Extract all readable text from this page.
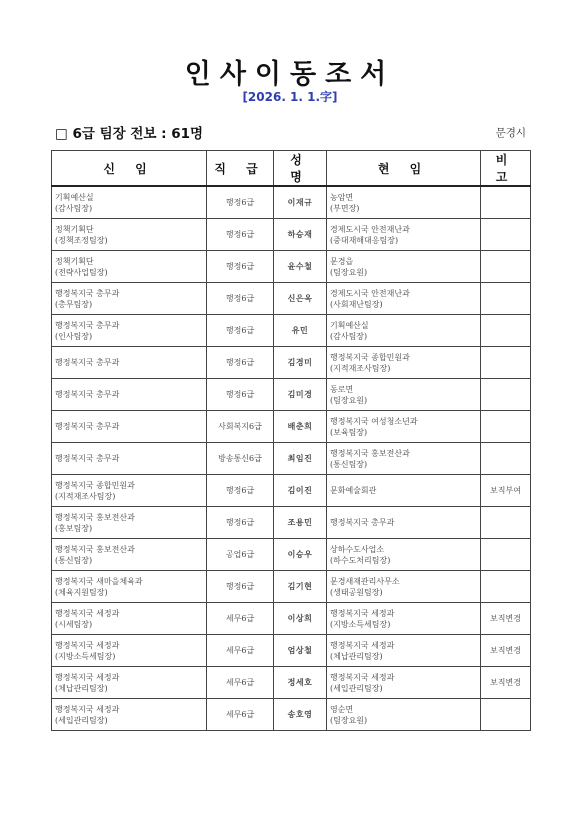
인사이동조서
[2026. 1. 1.字]
□ 6급 팀장 전보 : 61명	문경시
신 임	직 급	성 명	현 임	비 고

기획예산실
(감사팀장)	행정6급	이재규	농암면
(부면장)	

정책기획단
(정책조정팀장)	행정6급	하승재	경제도시국 안전재난과
(중대재해대응팀장)	

정책기획단
(전략사업팀장)	행정6급	윤수철	문경읍
(팀장요원)	

행정복지국 총무과
(총무팀장)	행정6급	신은옥	경제도시국 안전재난과
(사회재난팀장)	

행정복지국 총무과
(인사팀장)	행정6급	유민	기획예산실
(감사팀장)	

행정복지국 총무과	행정6급	김경미	행정복지국 종합민원과
(지적재조사팀장)	

행정복지국 총무과	행정6급	김미경	동로면
(팀장요원)	

행정복지국 총무과	사회복지6급	배춘희	행정복지국 여성청소년과
(보육팀장)	

행정복지국 총무과	방송통신6급	최임진	행정복지국 홍보전산과
(통신팀장)	

행정복지국 종합민원과
(지적재조사팀장)	행정6급	김이진	문화예술회관	보직부여

행정복지국 홍보전산과
(홍보팀장)	행정6급	조용민	행정복지국 총무과	

행정복지국 홍보전산과
(통신팀장)	공업6급	이승우	상하수도사업소
(하수도처리팀장)	

행정복지국 새마을체육과
(체육지원팀장)	행정6급	김기현	문경새재관리사무소
(생태공원팀장)	

행정복지국 세정과
(시세팀장)	세무6급	이상희	행정복지국 세정과
(지방소득세팀장)	보직변경

행정복지국 세정과
(지방소득세팀장)	세무6급	엄상철	행정복지국 세정과
(체납관리팀장)	보직변경

행정복지국 세정과
(체납관리팀장)	세무6급	정세호	행정복지국 세정과
(세입관리팀장)	보직변경

행정복지국 세정과
(세입관리팀장)	세무6급	송호영	영순면
(팀장요원)	
